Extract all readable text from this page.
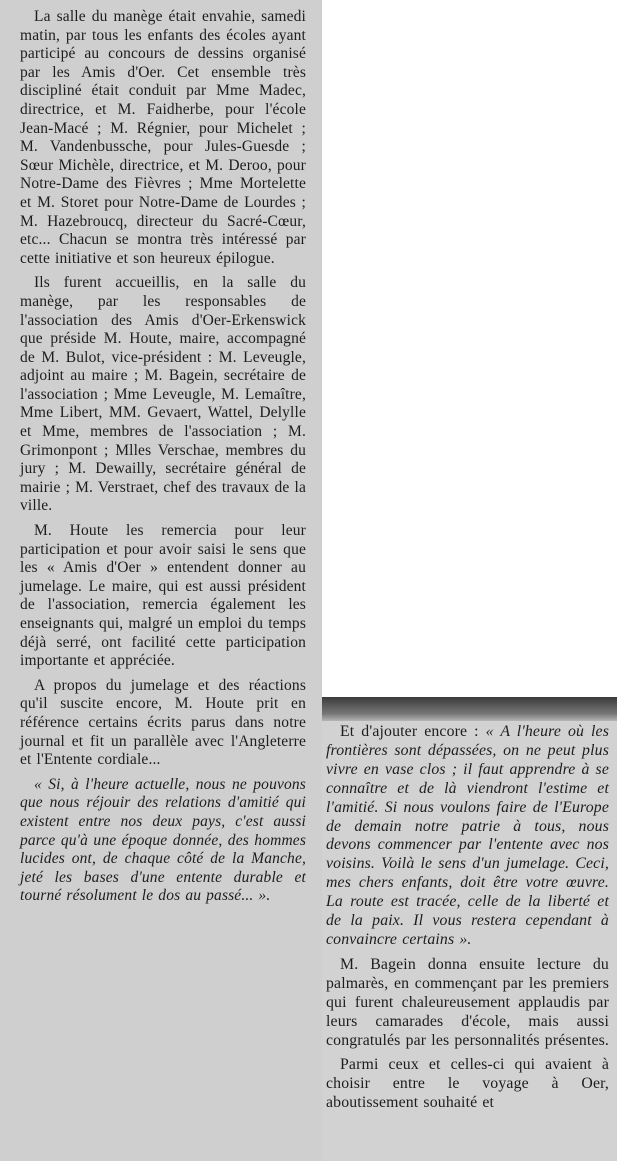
La salle du manège était envahie, samedi matin, par tous les enfants des écoles ayant participé au concours de dessins organisé par les Amis d'Oer. Cet ensemble très discipliné était conduit par Mme Madec, directrice, et M. Faidherbe, pour l'école Jean-Macé ; M. Régnier, pour Michelet ; M. Vandenbussche, pour Jules-Guesde ; Sœur Michèle, directrice, et M. Deroo, pour Notre-Dame des Fièvres ; Mme Mortelette et M. Storet pour Notre-Dame de Lourdes ; M. Hazebroucq, directeur du Sacré-Cœur, etc... Chacun se montra très intéressé par cette initiative et son heureux épilogue.

Ils furent accueillis, en la salle du manège, par les responsables de l'association des Amis d'Oer-Erkenswick que préside M. Houte, maire, accompagné de M. Bulot, vice-président : M. Leveugle, adjoint au maire ; M. Bagein, secrétaire de l'association ; Mme Leveugle, M. Lemaître, Mme Libert, MM. Gevaert, Wattel, Delylle et Mme, membres de l'association ; M. Grimonpont ; Mlles Verschae, membres du jury ; M. Dewailly, secrétaire général de mairie ; M. Verstraet, chef des travaux de la ville.

M. Houte les remercia pour leur participation et pour avoir saisi le sens que les « Amis d'Oer » entendent donner au jumelage. Le maire, qui est aussi président de l'association, remercia également les enseignants qui, malgré un emploi du temps déjà serré, ont facilité cette participation importante et appréciée.

A propos du jumelage et des réactions qu'il suscite encore, M. Houte prit en référence certains écrits parus dans notre journal et fit un parallèle avec l'Angleterre et l'Entente cordiale...

« Si, à l'heure actuelle, nous ne pouvons que nous réjouir des relations d'amitié qui existent entre nos deux pays, c'est aussi parce qu'à une époque donnée, des hommes lucides ont, de chaque côté de la Manche, jeté les bases d'une entente durable et tourné résolument le dos au passé... ».

Et d'ajouter encore : « A l'heure où les frontières sont dépassées, on ne peut plus vivre en vase clos ; il faut apprendre à se connaître et de là viendront l'estime et l'amitié. Si nous voulons faire de l'Europe de demain notre patrie à tous, nous devons commencer par l'entente avec nos voisins. Voilà le sens d'un jumelage. Ceci, mes chers enfants, doit être votre œuvre. La route est tracée, celle de la liberté et de la paix. Il vous restera cependant à convaincre certains ».

M. Bagein donna ensuite lecture du palmarès, en commençant par les premiers qui furent chaleureusement applaudis par leurs camarades d'école, mais aussi congratulés par les personnalités présentes.

Parmi ceux et celles-ci qui avaient à choisir entre le voyage à Oer, aboutissement souhaité et
